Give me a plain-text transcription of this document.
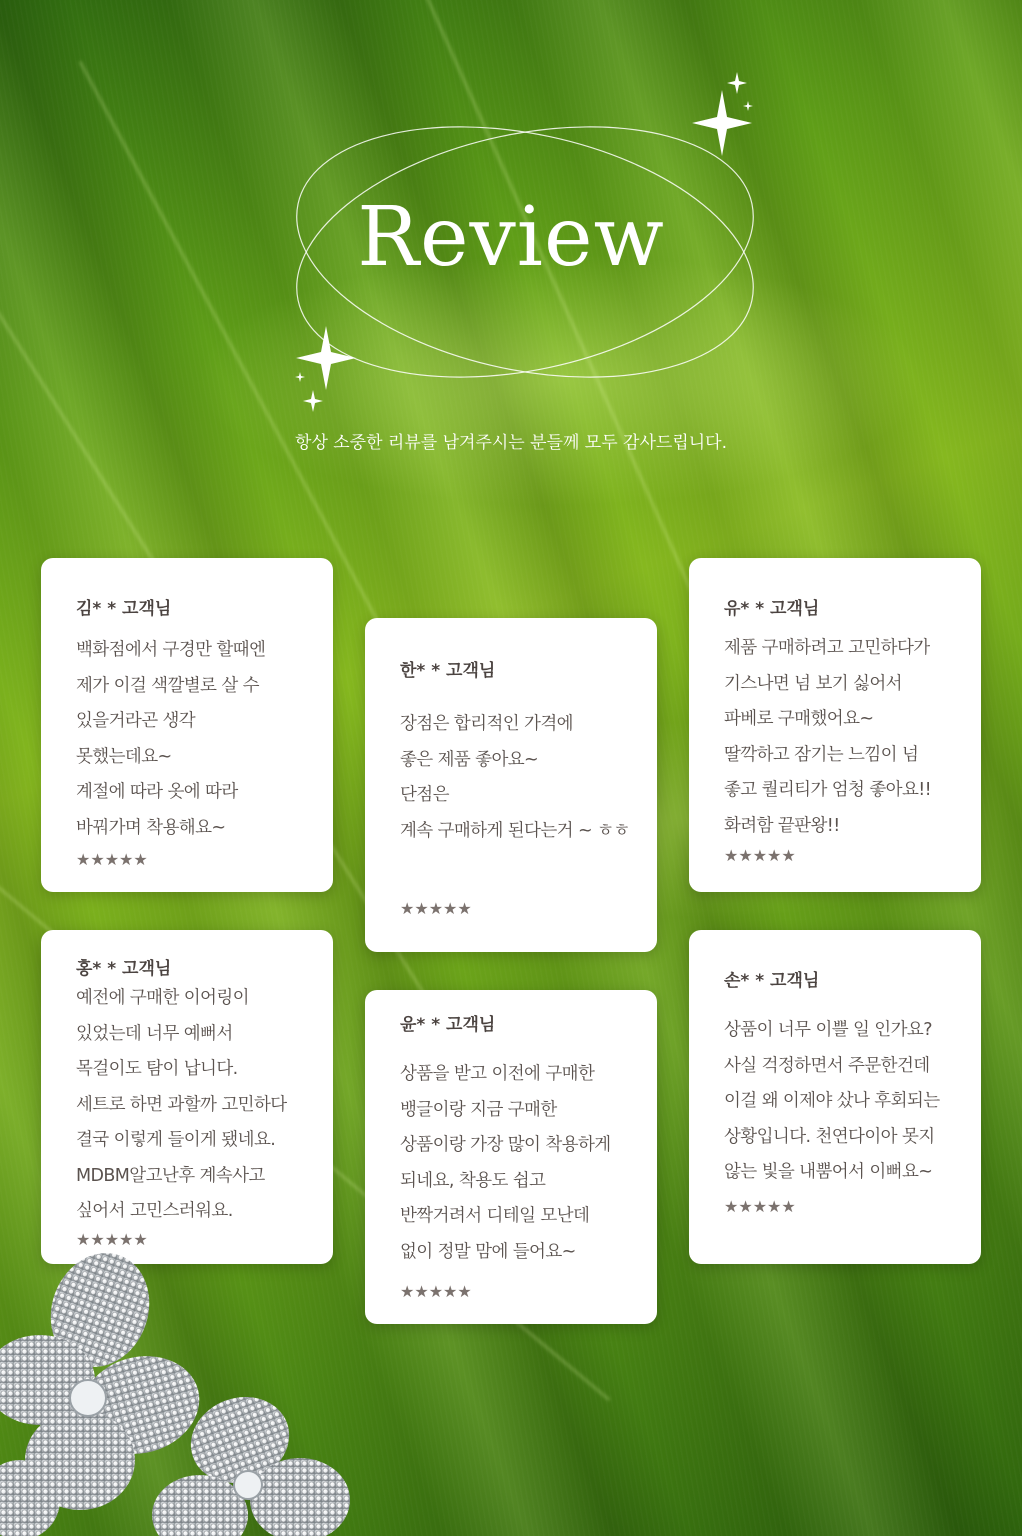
Review
항상 소중한 리뷰를 남겨주시는 분들께 모두 감사드립니다.
김* * 고객님
백화점에서 구경만 할때엔
제가 이걸 색깔별로 살 수
있을거라곤 생각
못했는데요~
계절에 따라 옷에 따라
바꿔가며 착용해요~
★★★★★
한* * 고객님
장점은 합리적인 가격에
좋은 제품 좋아요~
단점은
계속 구매하게 된다는거 ~ ㅎㅎ
★★★★★
유* * 고객님
제품 구매하려고 고민하다가
기스나면 넘 보기 싫어서
파베로 구매했어요~
딸깍하고 잠기는 느낌이 넘
좋고 퀄리티가 엄청 좋아요!!
화려함 끝판왕!!
★★★★★
홍* * 고객님
예전에 구매한 이어링이
있었는데 너무 예뻐서
목걸이도 탐이 납니다.
세트로 하면 과할까 고민하다
결국 이렇게 들이게 됐네요.
MDBM알고난후 계속사고
싶어서 고민스러워요.
★★★★★
윤* * 고객님
상품을 받고 이전에 구매한
뱅글이랑 지금 구매한
상품이랑 가장 많이 착용하게
되네요, 착용도 쉽고
반짝거려서 디테일 모난데
없이 정말 맘에 들어요~
★★★★★
손* * 고객님
상품이 너무 이쁠 일 인가요?
사실 걱정하면서 주문한건데
이걸 왜 이제야 샀나 후회되는
상황입니다. 천연다이아 못지
않는 빛을 내뿜어서 이뻐요~
★★★★★
